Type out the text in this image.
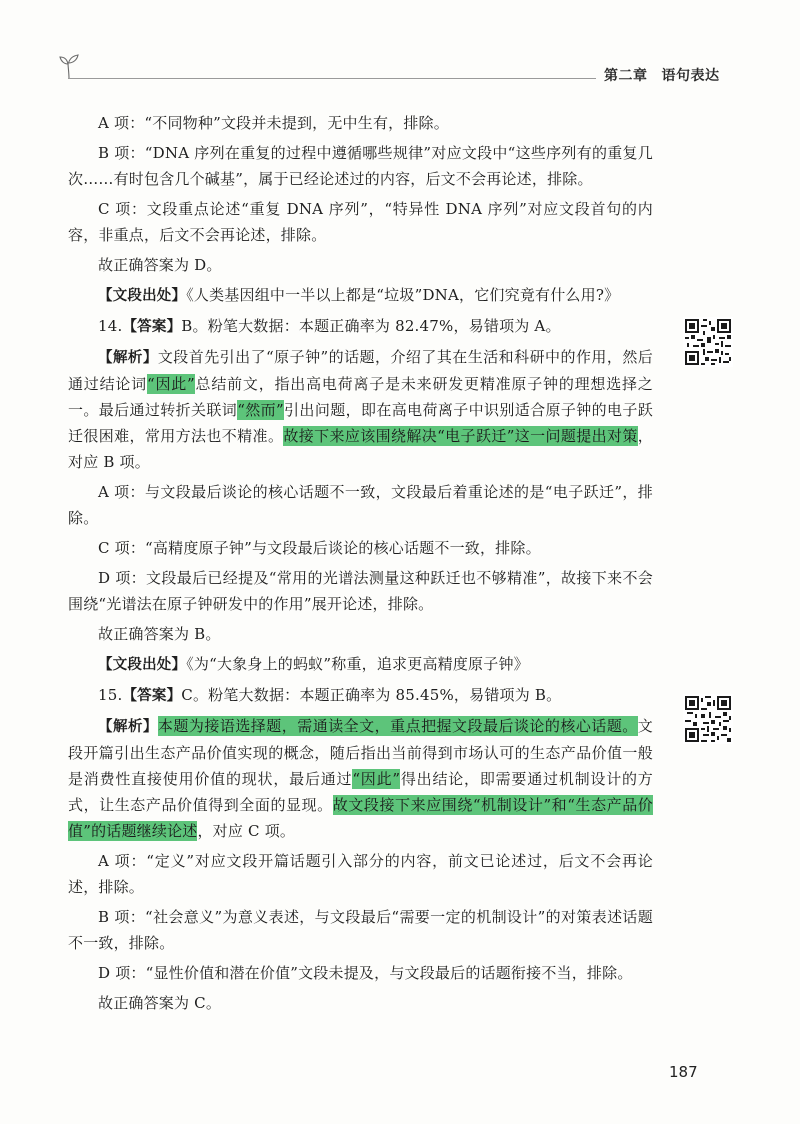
第二章 语句表达

A 项：“不同物种”文段并未提到，无中生有，排除。

B 项：“DNA 序列在重复的过程中遵循哪些规律”对应文段中“这些序列有的重复几次……有时包含几个碱基”，属于已经论述过的内容，后文不会再论述，排除。

C 项：文段重点论述“重复 DNA 序列”，“特异性 DNA 序列”对应文段首句的内容，非重点，后文不会再论述，排除。

故正确答案为 D。

【文段出处】《人类基因组中一半以上都是“垃圾”DNA，它们究竟有什么用?》

14.【答案】B。粉笔大数据：本题正确率为 82.47%，易错项为 A。

【解析】文段首先引出了“原子钟”的话题，介绍了其在生活和科研中的作用，然后通过结论词“因此”总结前文，指出高电荷离子是未来研发更精准原子钟的理想选择之一。最后通过转折关联词“然而”引出问题，即在高电荷离子中识别适合原子钟的电子跃迁很困难，常用方法也不精准。故接下来应该围绕解决“电子跃迁”这一问题提出对策，对应 B 项。

A 项：与文段最后谈论的核心话题不一致，文段最后着重论述的是“电子跃迁”，排除。

C 项：“高精度原子钟”与文段最后谈论的核心话题不一致，排除。

D 项：文段最后已经提及“常用的光谱法测量这种跃迁也不够精准”，故接下来不会围绕“光谱法在原子钟研发中的作用”展开论述，排除。

故正确答案为 B。

【文段出处】《为“大象身上的蚂蚁”称重，追求更高精度原子钟》

15.【答案】C。粉笔大数据：本题正确率为 85.45%，易错项为 B。

【解析】本题为接语选择题，需通读全文，重点把握文段最后谈论的核心话题。文段开篇引出生态产品价值实现的概念，随后指出当前得到市场认可的生态产品价值一般是消费性直接使用价值的现状，最后通过“因此”得出结论，即需要通过机制设计的方式，让生态产品价值得到全面的显现。故文段接下来应围绕“机制设计”和“生态产品价值”的话题继续论述，对应 C 项。

A 项：“定义”对应文段开篇话题引入部分的内容，前文已论述过，后文不会再论述，排除。

B 项：“社会意义”为意义表述，与文段最后“需要一定的机制设计”的对策表述话题不一致，排除。

D 项：“显性价值和潜在价值”文段未提及，与文段最后的话题衔接不当，排除。

故正确答案为 C。

187
